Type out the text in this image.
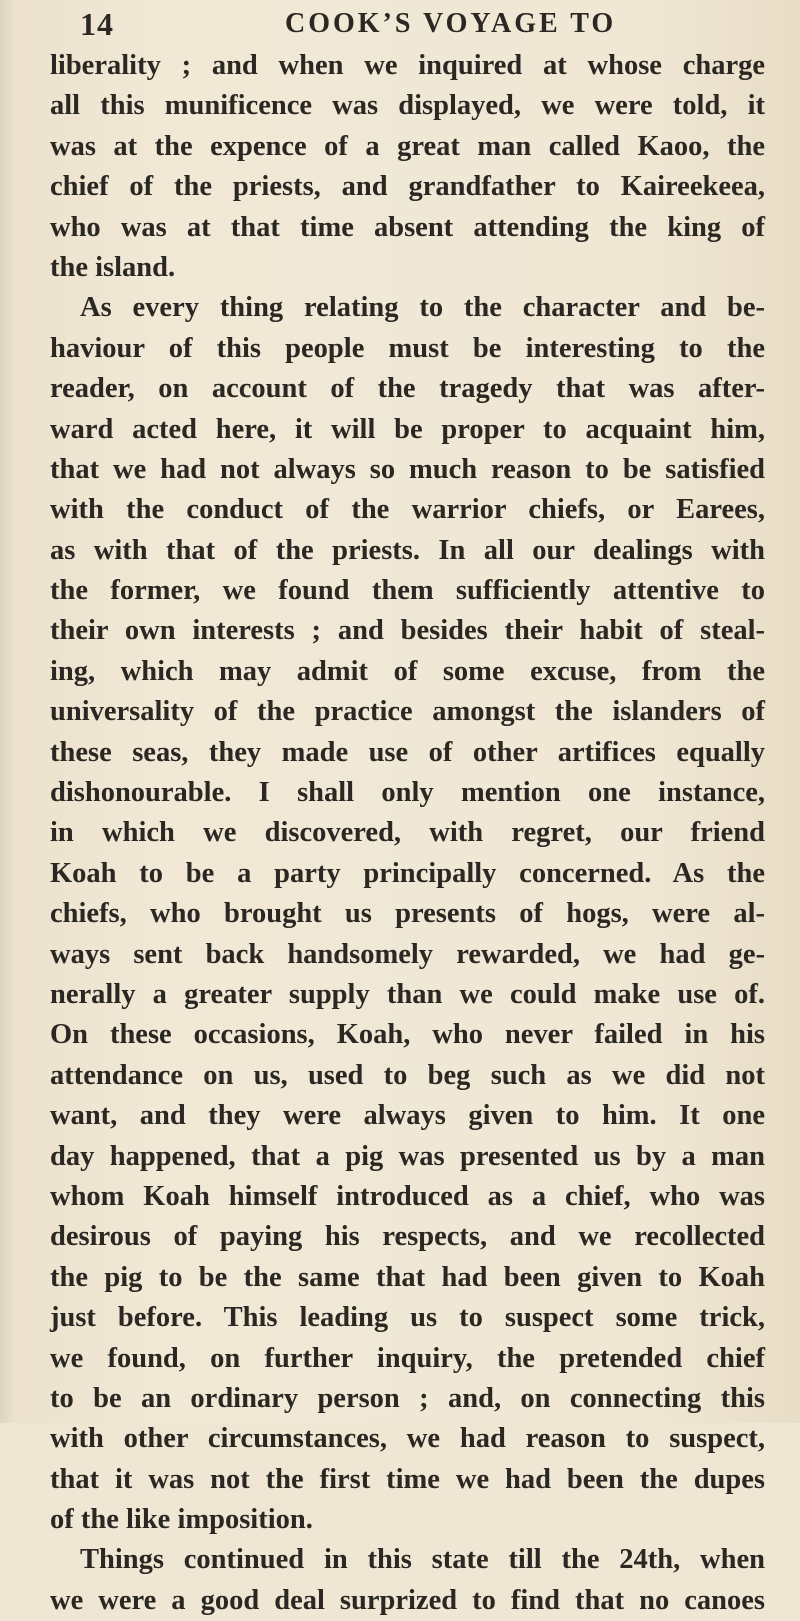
14	COOK’S VOYAGE TO
liberality ; and when we inquired at whose charge
all this munificence was displayed, we were told, it
was at the expence of a great man called Kaoo, the
chief of the priests, and grandfather to Kaireekeea,
who was at that time absent attending the king of
the island.
As every thing relating to the character and be-
haviour of this people must be interesting to the
reader, on account of the tragedy that was after-
ward acted here, it will be proper to acquaint him,
that we had not always so much reason to be satisfied
with the conduct of the warrior chiefs, or Earees,
as with that of the priests. In all our dealings with
the former, we found them sufficiently attentive to
their own interests ; and besides their habit of steal-
ing, which may admit of some excuse, from the
universality of the practice amongst the islanders of
these seas, they made use of other artifices equally
dishonourable. I shall only mention one instance,
in which we discovered, with regret, our friend
Koah to be a party principally concerned. As the
chiefs, who brought us presents of hogs, were al-
ways sent back handsomely rewarded, we had ge-
nerally a greater supply than we could make use of.
On these occasions, Koah, who never failed in his
attendance on us, used to beg such as we did not
want, and they were always given to him. It one
day happened, that a pig was presented us by a man
whom Koah himself introduced as a chief, who was
desirous of paying his respects, and we recollected
the pig to be the same that had been given to Koah
just before. This leading us to suspect some trick,
we found, on further inquiry, the pretended chief
to be an ordinary person ; and, on connecting this
with other circumstances, we had reason to suspect,
that it was not the first time we had been the dupes
of the like imposition.
Things continued in this state till the 24th, when
we were a good deal surprized to find that no canoes
